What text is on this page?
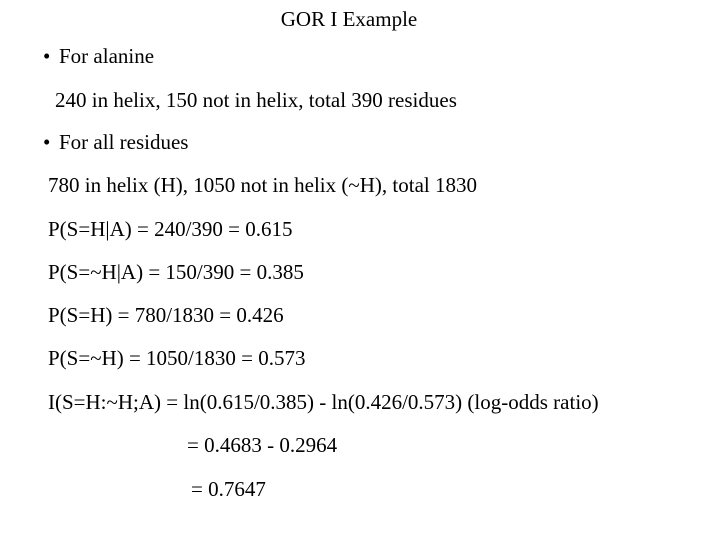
GOR I Example
• For alanine
240 in helix, 150 not in helix, total 390 residues
• For all residues
780 in helix (H), 1050 not in helix (~H), total 1830
P(S=H|A) = 240/390 = 0.615
P(S=~H|A) = 150/390 = 0.385
P(S=H) = 780/1830 = 0.426
P(S=~H) = 1050/1830 = 0.573
I(S=H:~H;A) = ln(0.615/0.385) - ln(0.426/0.573) (log-odds ratio)
= 0.4683 - 0.2964
= 0.7647
